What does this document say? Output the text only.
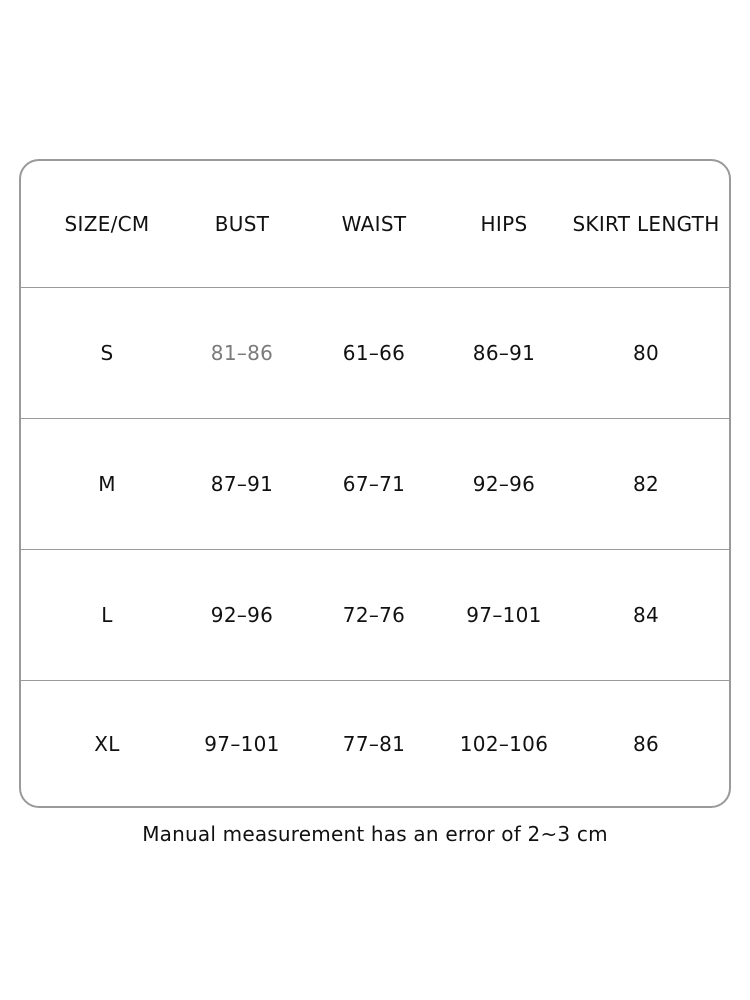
SIZE/CM	BUST	WAIST	HIPS	SKIRT LENGTH
S	81–86	61–66	86–91	80
M	87–91	67–71	92–96	82
L	92–96	72–76	97–101	84
XL	97–101	77–81	102–106	86
Manual measurement has an error of 2~3 cm
